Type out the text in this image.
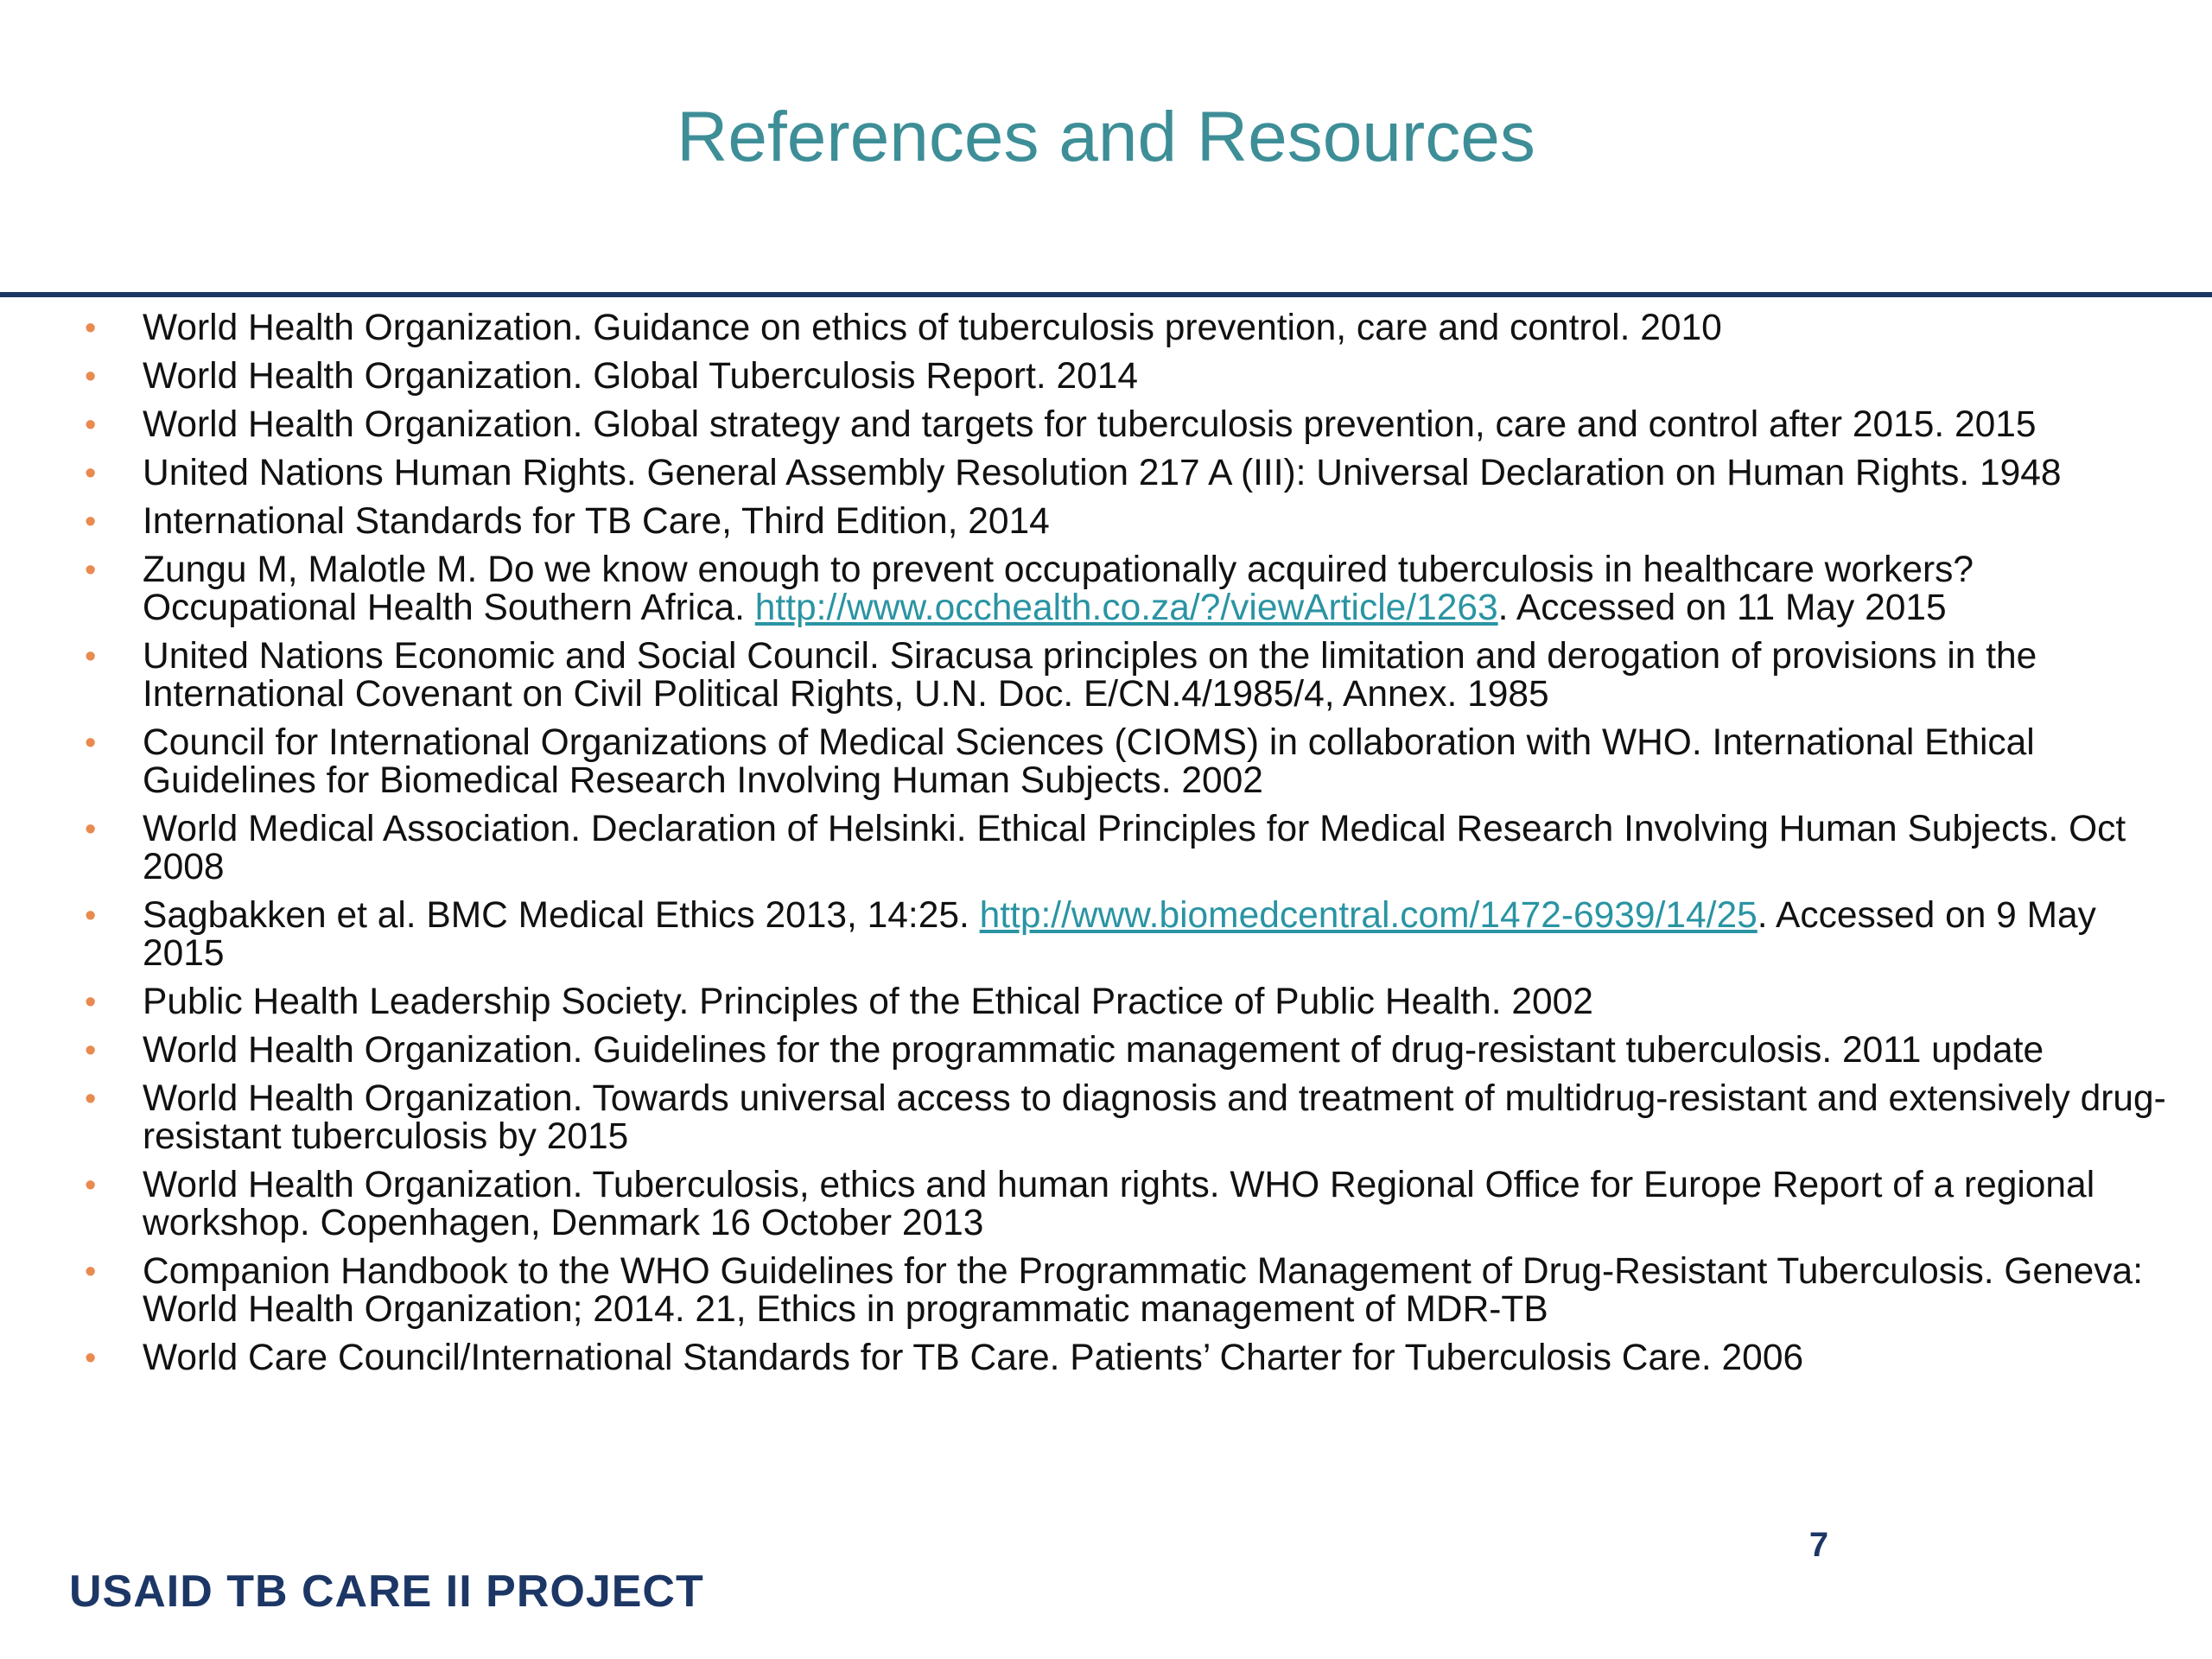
References and Resources
•	World Health Organization. Guidance on ethics of tuberculosis prevention, care and control. 2010
•	World Health Organization. Global Tuberculosis Report. 2014
•	World Health Organization. Global strategy and targets for tuberculosis prevention, care and control after 2015. 2015
•	United Nations Human Rights. General Assembly Resolution 217 A (III): Universal Declaration on Human Rights. 1948
•	International Standards for TB Care, Third Edition, 2014
•	Zungu M, Malotle M. Do we know enough to prevent occupationally acquired tuberculosis in healthcare workers? Occupational Health Southern Africa. http://www.occhealth.co.za/?/viewArticle/1263. Accessed on 11 May 2015
•	United Nations Economic and Social Council. Siracusa principles on the limitation and derogation of provisions in the International Covenant on Civil Political Rights, U.N. Doc. E/CN.4/1985/4, Annex. 1985
•	Council for International Organizations of Medical Sciences (CIOMS) in collaboration with WHO. International Ethical Guidelines for Biomedical Research Involving Human Subjects. 2002
•	World Medical Association. Declaration of Helsinki. Ethical Principles for Medical Research Involving Human Subjects. Oct 2008
•	Sagbakken et al. BMC Medical Ethics 2013, 14:25. http://www.biomedcentral.com/1472-6939/14/25. Accessed on 9 May 2015
•	Public Health Leadership Society. Principles of the Ethical Practice of Public Health. 2002
•	World Health Organization. Guidelines for the programmatic management of drug-resistant tuberculosis. 2011 update
•	World Health Organization. Towards universal access to diagnosis and treatment of multidrug-resistant and extensively drug-resistant tuberculosis by 2015
•	World Health Organization. Tuberculosis, ethics and human rights. WHO Regional Office for Europe Report of a regional workshop. Copenhagen, Denmark 16 October 2013
•	Companion Handbook to the WHO Guidelines for the Programmatic Management of Drug-Resistant Tuberculosis. Geneva: World Health Organization; 2014. 21, Ethics in programmatic management of MDR-TB
•	World Care Council/International Standards for TB Care. Patients’ Charter for Tuberculosis Care. 2006
7
USAID TB CARE II PROJECT
